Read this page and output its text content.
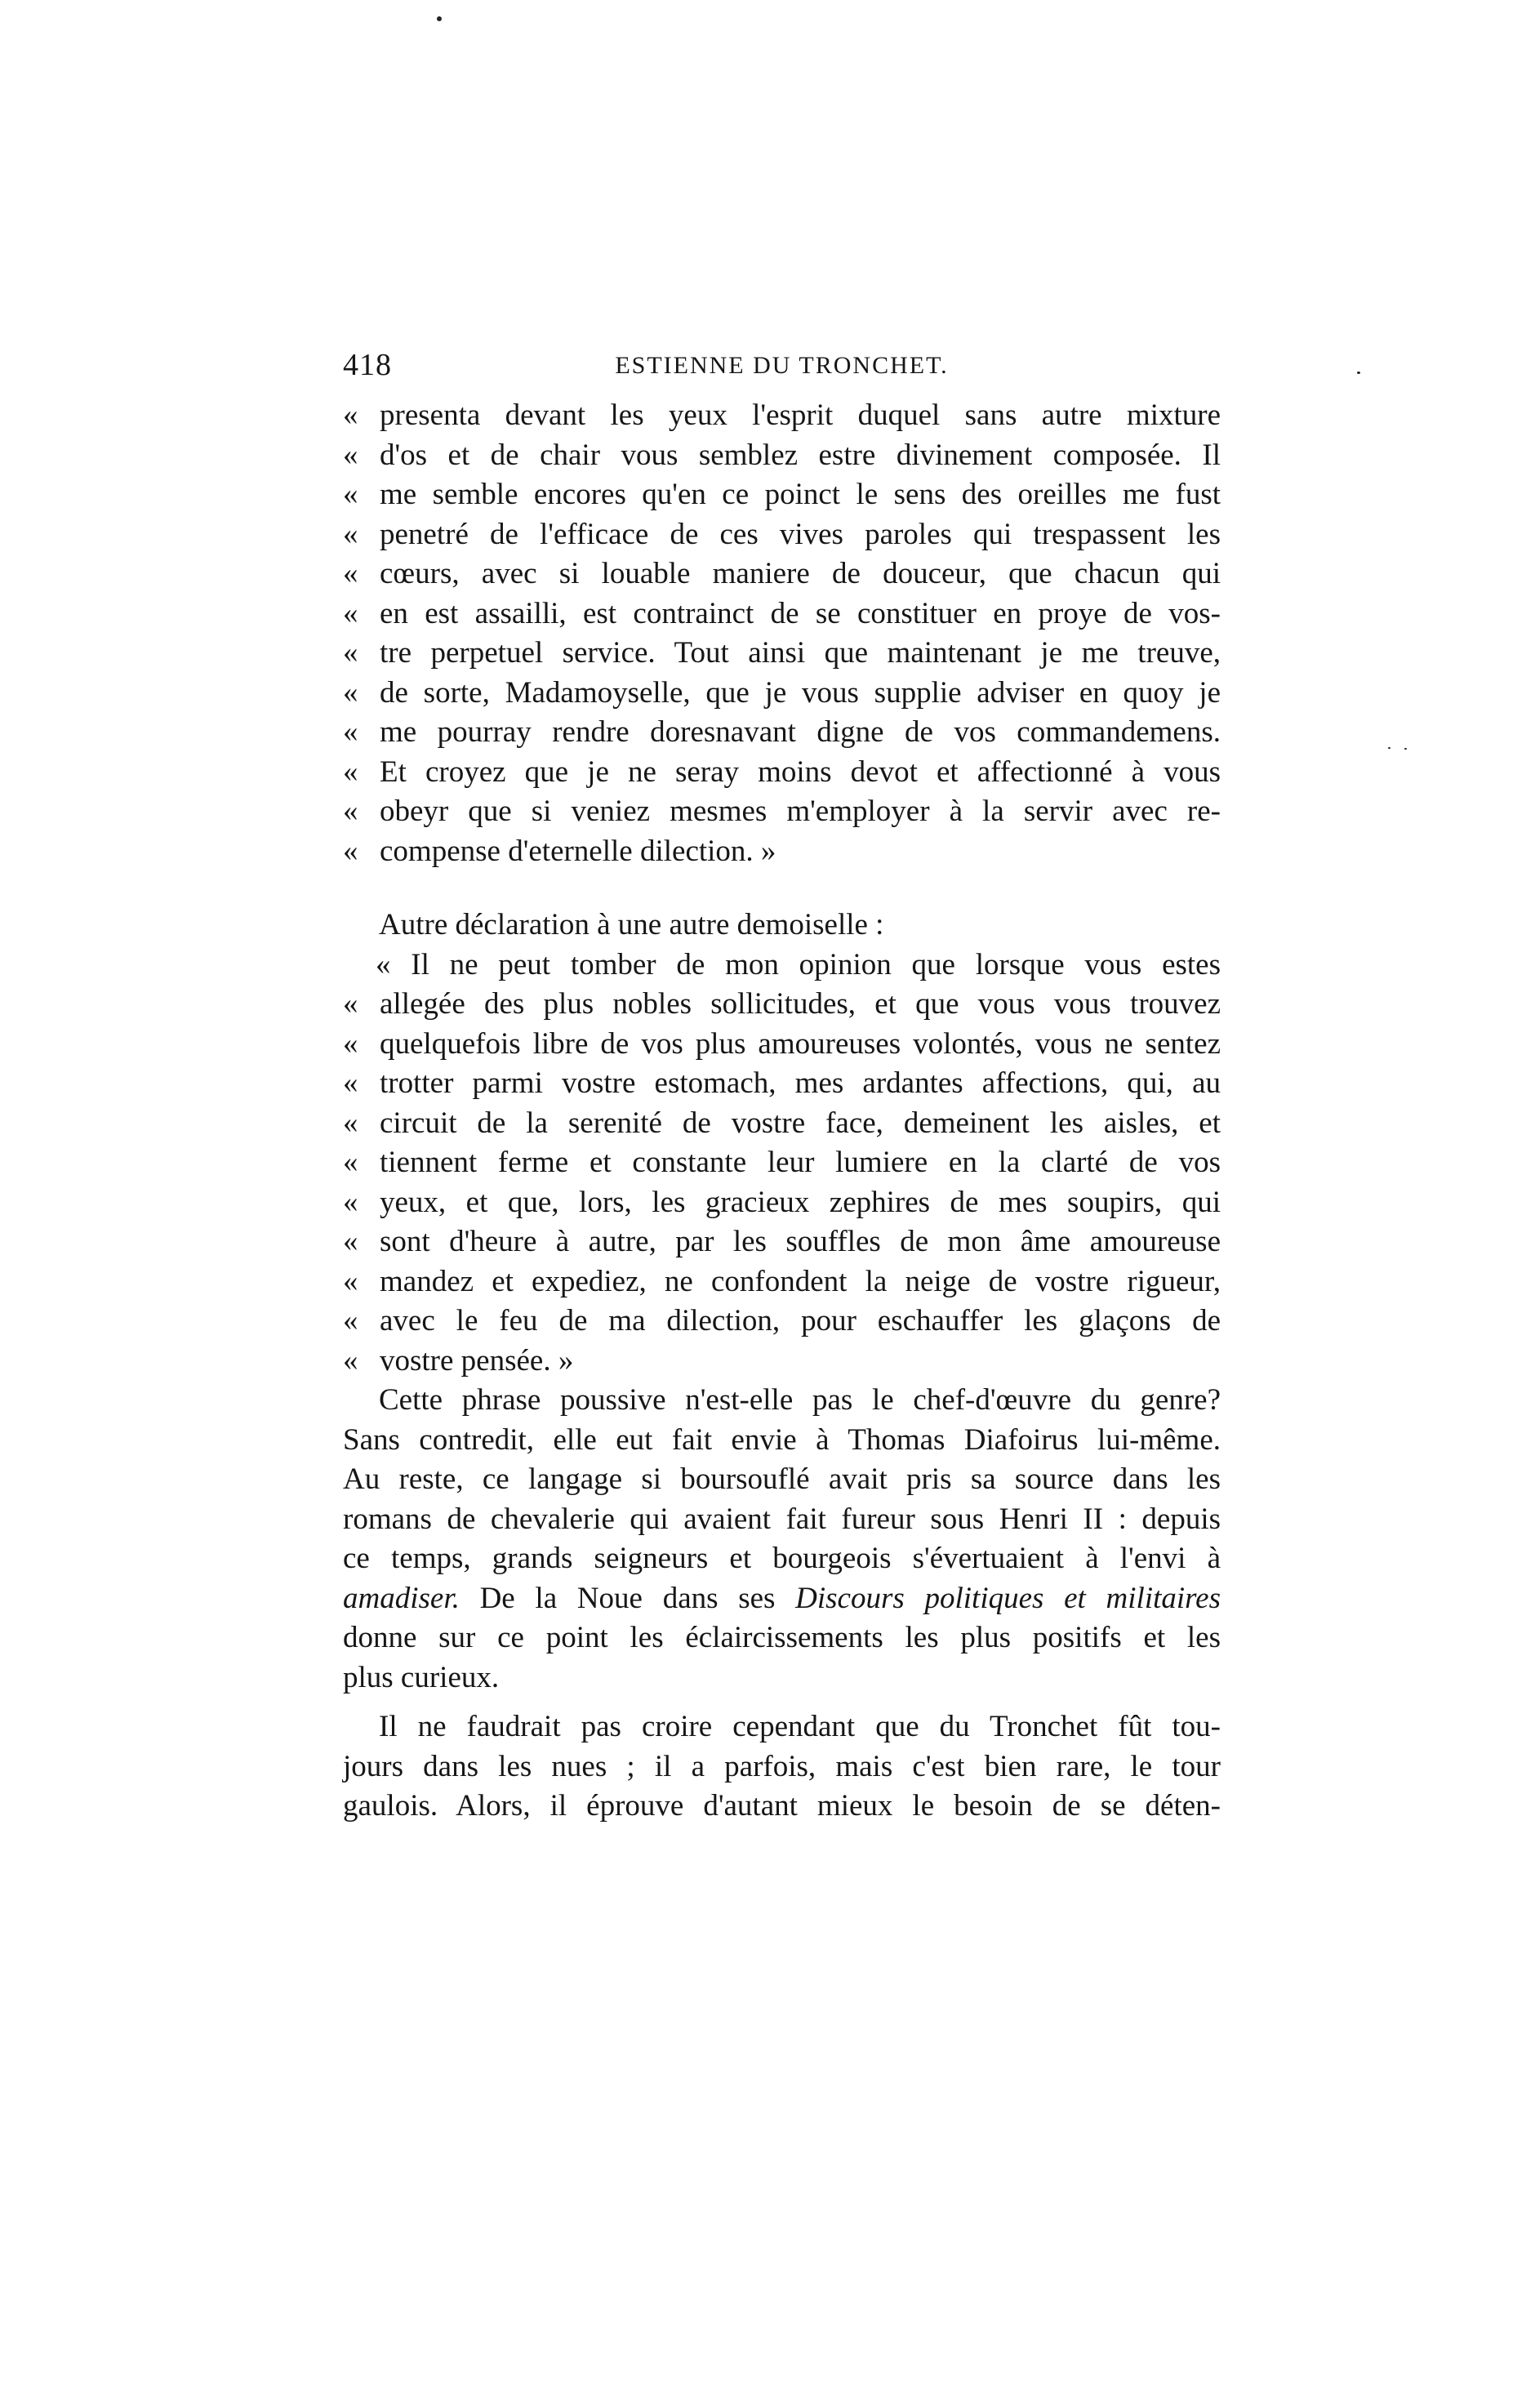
418	ESTIENNE DU TRONCHET.
« presenta devant les yeux l'esprit duquel sans autre mixture
« d'os et de chair vous semblez estre divinement composée. Il
« me semble encores qu'en ce poinct le sens des oreilles me fust
« penetré de l'efficace de ces vives paroles qui trespassent les
« cœurs, avec si louable maniere de douceur, que chacun qui
« en est assailli, est contrainct de se constituer en proye de vos-
« tre perpetuel service. Tout ainsi que maintenant je me treuve,
« de sorte, Madamoyselle, que je vous supplie adviser en quoy je
« me pourray rendre doresnavant digne de vos commandemens.
« Et croyez que je ne seray moins devot et affectionné à vous
« obeyr que si veniez mesmes m'employer à la servir avec re-
« compense d'eternelle dilection. »
Autre déclaration à une autre demoiselle :
« Il ne peut tomber de mon opinion que lorsque vous estes
« allegée des plus nobles sollicitudes, et que vous vous trouvez
« quelquefois libre de vos plus amoureuses volontés, vous ne sentez
« trotter parmi vostre estomach, mes ardantes affections, qui, au
« circuit de la serenité de vostre face, demeinent les aisles, et
« tiennent ferme et constante leur lumiere en la clarté de vos
« yeux, et que, lors, les gracieux zephires de mes soupirs, qui
« sont d'heure à autre, par les souffles de mon âme amoureuse
« mandez et expediez, ne confondent la neige de vostre rigueur,
« avec le feu de ma dilection, pour eschauffer les glaçons de
« vostre pensée. »
Cette phrase poussive n'est-elle pas le chef-d'œuvre du genre?
Sans contredit, elle eut fait envie à Thomas Diafoirus lui-même.
Au reste, ce langage si boursouflé avait pris sa source dans les
romans de chevalerie qui avaient fait fureur sous Henri II : depuis
ce temps, grands seigneurs et bourgeois s'évertuaient à l'envi à
amadiser. De la Noue dans ses Discours politiques et militaires
donne sur ce point les éclaircissements les plus positifs et les
plus curieux.
Il ne faudrait pas croire cependant que du Tronchet fût tou-
jours dans les nues ; il a parfois, mais c'est bien rare, le tour
gaulois. Alors, il éprouve d'autant mieux le besoin de se déten-
